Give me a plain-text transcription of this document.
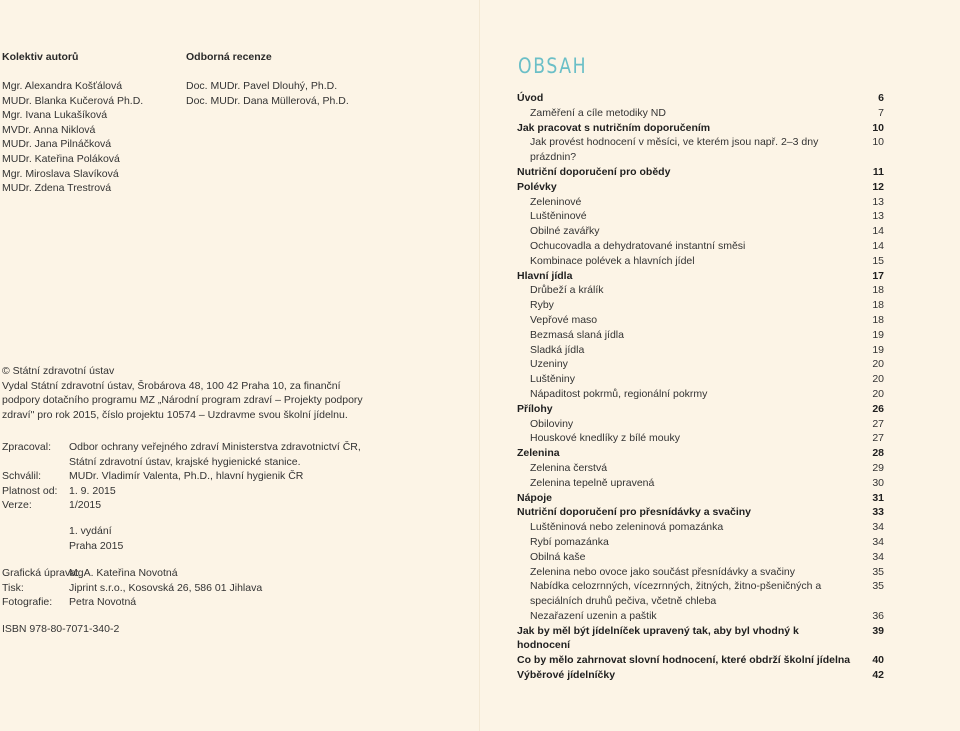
Kolektiv autorů
Mgr. Alexandra Košťálová
MUDr. Blanka Kučerová Ph.D.
Mgr. Ivana Lukašíková
MVDr. Anna Niklová
MUDr. Jana Pilnáčková
MUDr. Kateřina Poláková
Mgr. Miroslava Slavíková
MUDr. Zdena Trestrová
Odborná recenze
Doc. MUDr. Pavel Dlouhý, Ph.D.
Doc. MUDr. Dana Müllerová, Ph.D.
© Státní zdravotní ústav
Vydal Státní zdravotní ústav, Šrobárova 48, 100 42 Praha 10, za finanční podpory dotačního programu MZ „Národní program zdraví – Projekty podpory zdraví" pro rok 2015, číslo projektu 10574 – Uzdravme svou školní jídelnu.
Zpracoval:	Odbor ochrany veřejného zdraví Ministerstva zdravotnictví ČR, Státní zdravotní ústav, krajské hygienické stanice.
Schválil:	MUDr. Vladimír Valenta, Ph.D., hlavní hygienik ČR
Platnost od:	1. 9. 2015
Verze:	1/2015
1. vydání
Praha 2015
Grafická úprava:
MgA. Kateřina Novotná
Tisk:	Jiprint s.r.o., Kosovská 26, 586 01 Jihlava
Fotografie:	Petra Novotná
ISBN 978-80-7071-340-2
OBSAH
Úvod	6
Zaměření a cíle metodiky ND	7
Jak pracovat s nutričním doporučením	10
Jak provést hodnocení v měsíci, ve kterém jsou např. 2–3 dny prázdnin?
10
Nutriční doporučení pro obědy	11
Polévky	12
Zeleninové	13
Luštěninové	13
Obilné zavářky	14
Ochucovadla a dehydratované instantní směsi	14
Kombinace polévek a hlavních jídel	15
Hlavní jídla	17
Drůbeží a králík	18
Ryby	18
Vepřové maso	18
Bezmasá slaná jídla	19
Sladká jídla	19
Uzeniny	20
Luštěniny	20
Nápaditost pokrmů, regionální pokrmy	20
Přílohy	26
Obiloviny	27
Houskové knedlíky z bílé mouky	27
Zelenina	28
Zelenina čerstvá	29
Zelenina tepelně upravená	30
Nápoje	31
Nutriční doporučení pro přesnídávky a svačiny	33
Luštěninová nebo zeleninová pomazánka	34
Rybí pomazánka	34
Obilná kaše	34
Zelenina nebo ovoce jako součást přesnídávky a svačiny	35
Nabídka celozrnných, vícezrnných, žitných, žitno-pšeničných a speciálních druhů pečiva, včetně chleba
35
Nezařazení uzenin a paštik	36
Jak by měl být jídelníček upravený tak, aby byl vhodný k hodnocení
39
Co by mělo zahrnovat slovní hodnocení, které obdrží školní jídelna	40
Výběrové jídelníčky	42
